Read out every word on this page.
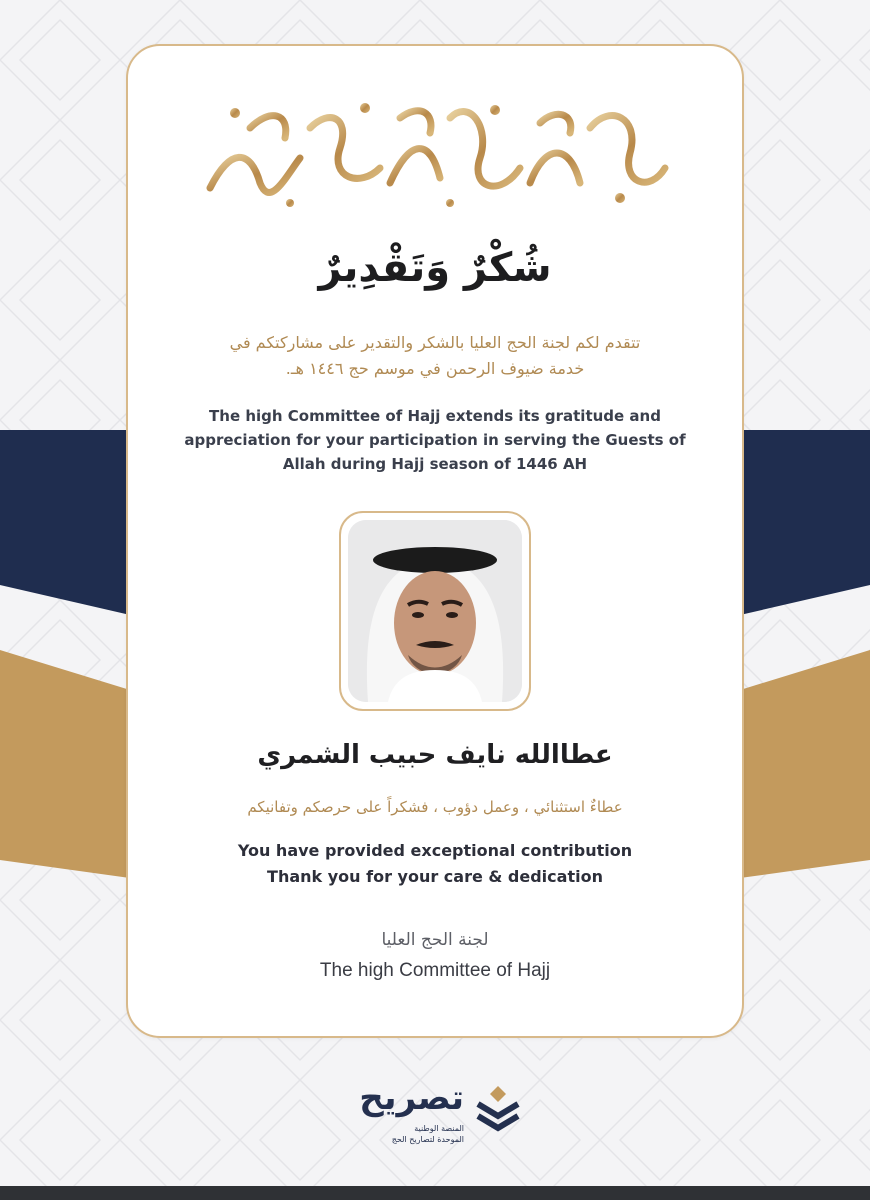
شُكْرٌ وَتَقْدِيرٌ
تتقدم لكم لجنة الحج العليا بالشكر والتقدير على مشاركتكم في
خدمة ضيوف الرحمن في موسم حج ١٤٤٦ هـ.
The high Committee of Hajj extends its gratitude and
appreciation for your participation in serving the Guests of
Allah during Hajj season of 1446 AH
عطاالله نايف حبيب الشمري
عطاءٌ استثنائي ، وعمل دؤوب ، فشكراً على حرصكم وتفانيكم
You have provided exceptional contribution
Thank you for your care & dedication
لجنة الحج العليا
The high Committee of Hajj
تصريح
المنصة الوطنية
الموحدة لتصاريح الحج
